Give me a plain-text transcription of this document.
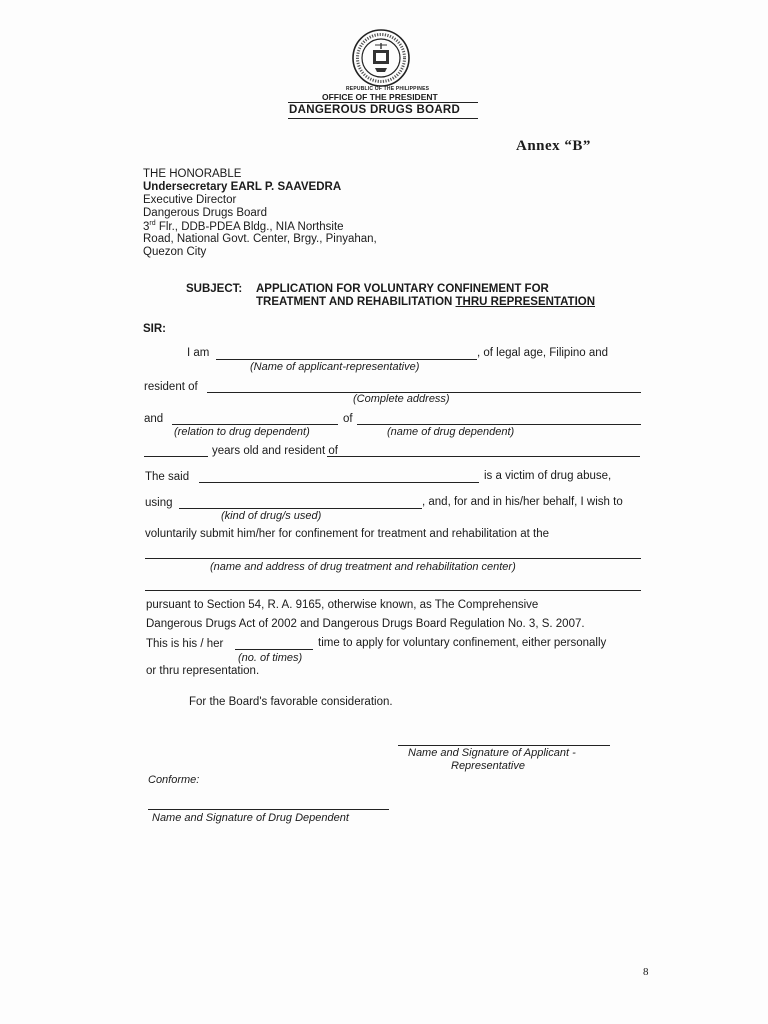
REPUBLIC OF THE PHILIPPINES
OFFICE OF THE PRESIDENT
DANGEROUS DRUGS BOARD
Annex “B”
THE HONORABLE
Undersecretary EARL P. SAAVEDRA
Executive Director
Dangerous Drugs Board
3rd Flr., DDB-PDEA Bldg., NIA Northsite
Road, National Govt. Center, Brgy., Pinyahan,
Quezon City
SUBJECT: APPLICATION FOR VOLUNTARY CONFINEMENT FOR
TREATMENT AND REHABILITATION THRU REPRESENTATION
SIR:
I am	, of legal age, Filipino and
(Name of applicant-representative)
resident of
(Complete address)
and	of
(relation to drug dependent)	(name of drug dependent)
years old and resident of
The said	is a victim of drug abuse,
using	, and, for and in his/her behalf, I wish to
(kind of drug/s used)
voluntarily submit him/her for confinement for treatment and rehabilitation at the
(name and address of drug treatment and rehabilitation center)
pursuant to Section 54, R. A. 9165, otherwise known, as The Comprehensive
Dangerous Drugs Act of 2002 and Dangerous Drugs Board Regulation No. 3, S. 2007.
This is his / her	time to apply for voluntary confinement, either personally
(no. of times)
or thru representation.
For the Board's favorable consideration.
Name and Signature of Applicant -
Representative
Conforme:
Name and Signature of Drug Dependent
8
